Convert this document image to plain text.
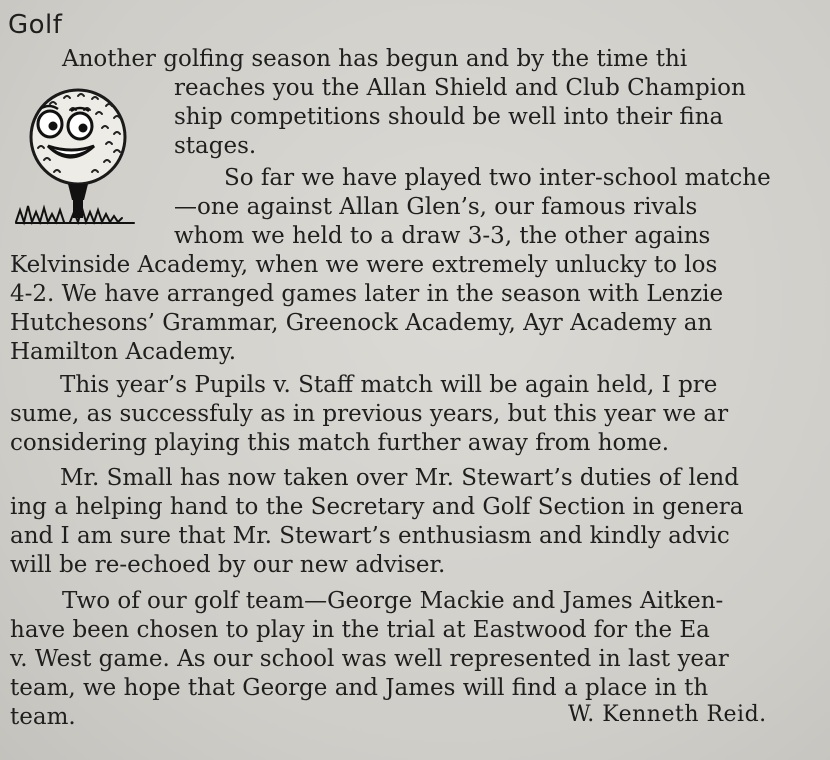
Golf
Another golfing season has begun and by the time thi
reaches you the Allan Shield and Club Champion
ship competitions should be well into their fina
stages.
So far we have played two inter-school matche
—one against Allan Glen’s, our famous rivals
whom we held to a draw 3-3, the other agains
Kelvinside Academy, when we were extremely unlucky to los
4-2. We have arranged games later in the season with Lenzie
Hutchesons’ Grammar, Greenock Academy, Ayr Academy an
Hamilton Academy.
This year’s Pupils v. Staff match will be again held, I pre
sume, as successfuly as in previous years, but this year we ar
considering playing this match further away from home.
Mr. Small has now taken over Mr. Stewart’s duties of lend
ing a helping hand to the Secretary and Golf Section in genera
and I am sure that Mr. Stewart’s enthusiasm and kindly advic
will be re-echoed by our new adviser.
Two of our golf team—George Mackie and James Aitken-
have been chosen to play in the trial at Eastwood for the Ea
v. West game. As our school was well represented in last year
team, we hope that George and James will find a place in th
team.	W. Kenneth Reid.
